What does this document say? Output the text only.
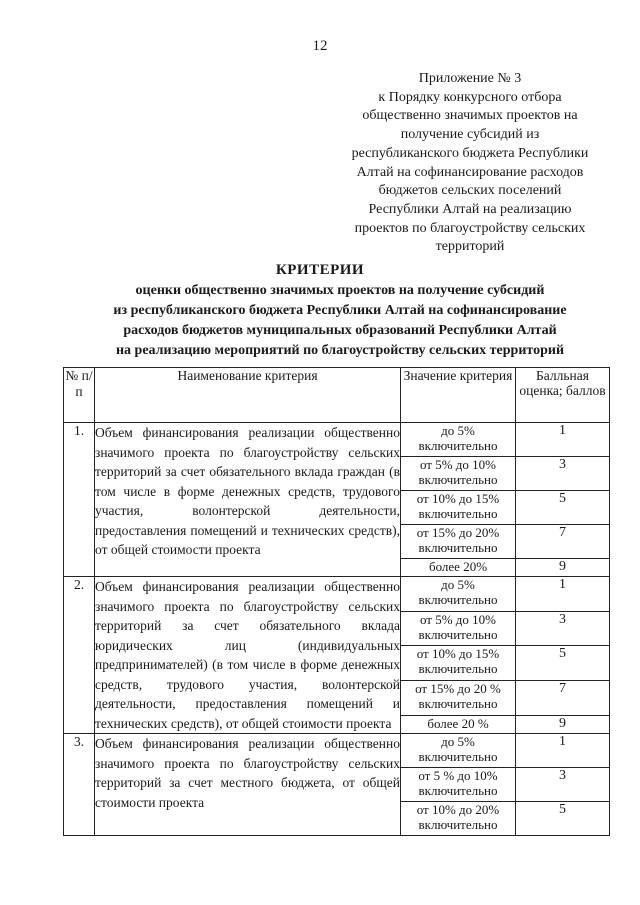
12
Приложение № 3
к Порядку конкурсного отбора
общественно значимых проектов на
получение субсидий из
республиканского бюджета Республики
Алтай на софинансирование расходов
бюджетов сельских поселений
Республики Алтай на реализацию
проектов по благоустройству сельских
территорий
КРИТЕРИИ
оценки общественно значимых проектов на получение субсидий
из республиканского бюджета Республики Алтай на софинансирование
расходов бюджетов муниципальных образований Республики Алтай
на реализацию мероприятий по благоустройству сельских территорий
№ п/п	Наименование критерия	Значение критерия	Балльная оценка; баллов
1.	Объем финансирования реализации общественно значимого проекта по благоустройству сельских территорий за счет обязательного вклада граждан (в том числе в форме денежных средств, трудового участия, волонтерской деятельности, предоставления помещений и технических средств), от общей стоимости проекта	до 5% включительно	1
		от 5% до 10% включительно	3
		от 10% до 15% включительно	5
		от 15% до 20% включительно	7
		более 20%	9
2.	Объем финансирования реализации общественно значимого проекта по благоустройству сельских территорий за счет обязательного вклада юридических лиц (индивидуальных предпринимателей) (в том числе в форме денежных средств, трудового участия, волонтерской деятельности, предоставления помещений и технических средств), от общей стоимости проекта	до 5% включительно	1
		от 5% до 10% включительно	3
		от 10% до 15% включительно	5
		от 15% до 20 % включительно	7
		более 20 %	9
3.	Объем финансирования реализации общественно значимого проекта по благоустройству сельских территорий за счет местного бюджета, от общей стоимости проекта	до 5% включительно	1
		от 5 % до 10% включительно	3
		от 10% до 20% включительно	5
